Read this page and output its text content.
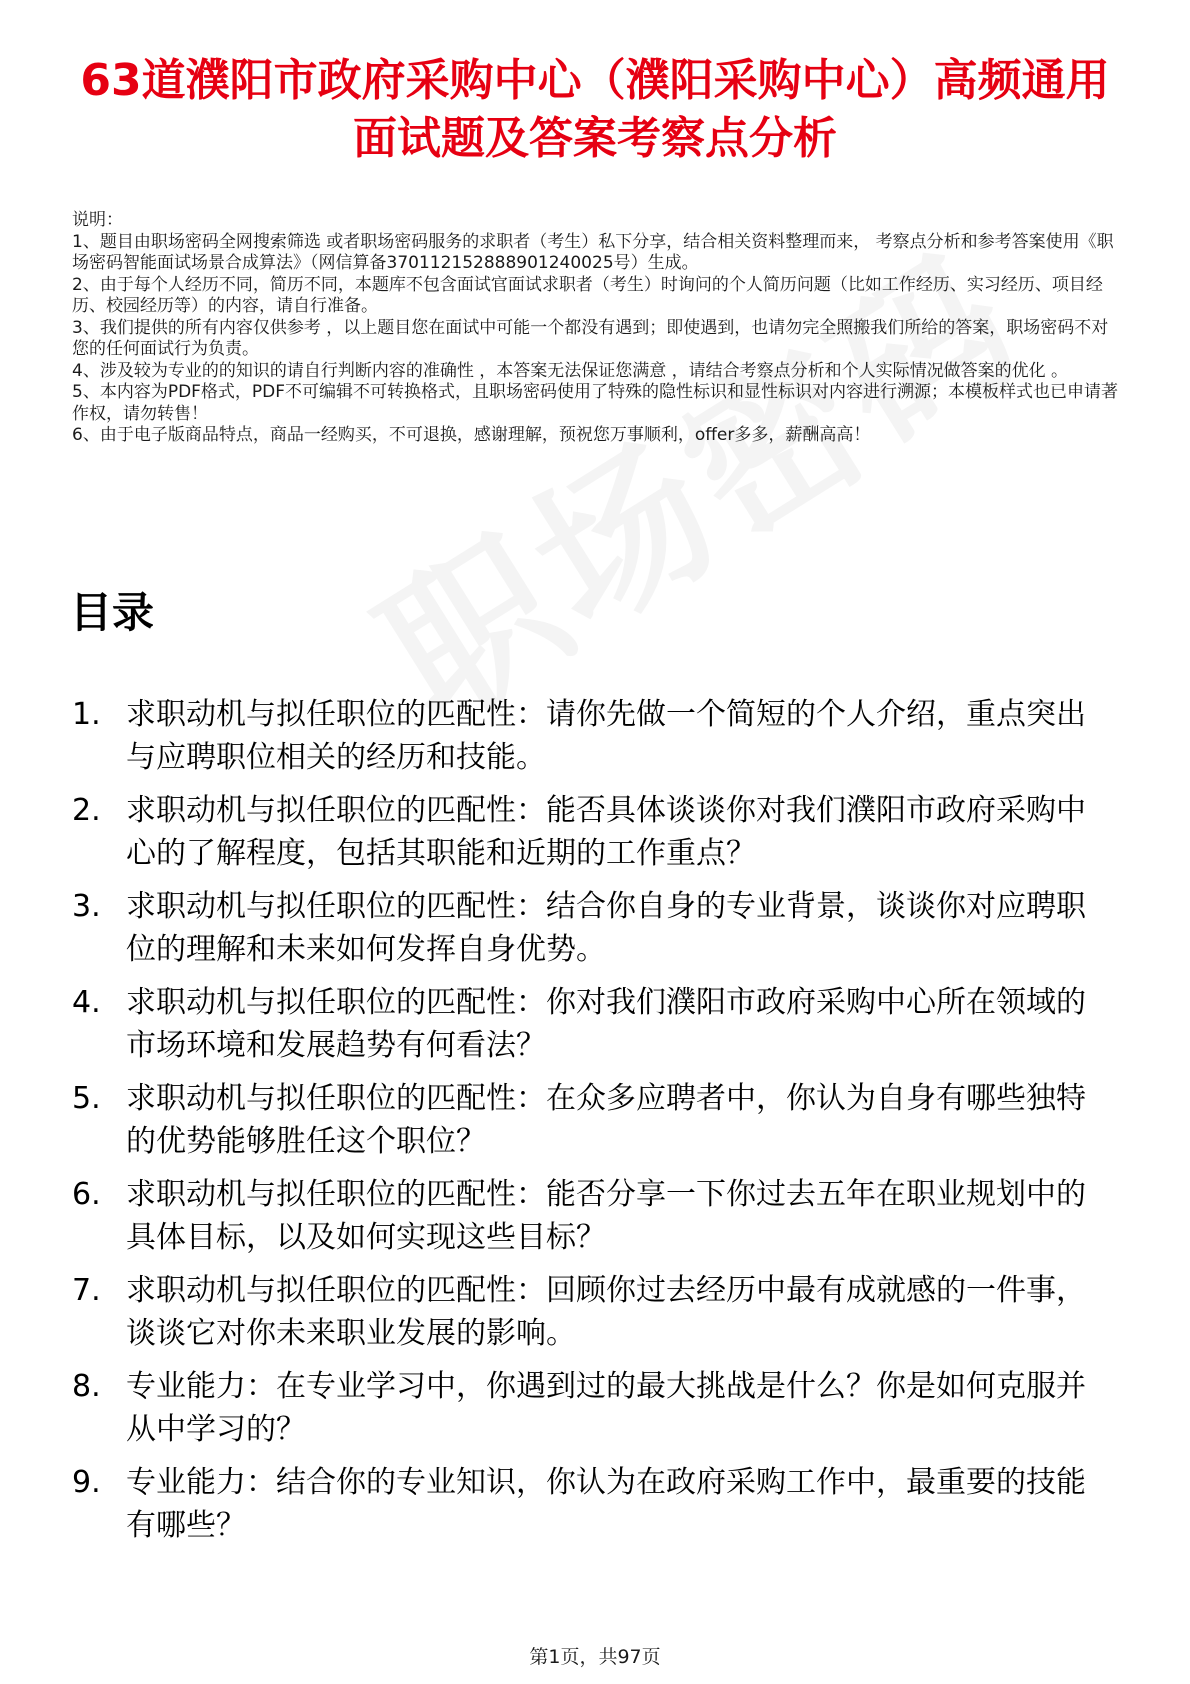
63道濮阳市政府采购中心（濮阳采购中心）高频通用面试题及答案考察点分析

说明：

1、题目由职场密码全网搜索筛选 或者职场密码服务的求职者（考生）私下分享，结合相关资料整理而来， 考察点分析和参考答案使用《职场密码智能面试场景合成算法》（网信算备370112152888901240025号）生成。

2、由于每个人经历不同，简历不同，本题库不包含面试官面试求职者（考生）时询问的个人简历问题（比如工作经历、实习经历、项目经历、校园经历等）的内容，请自行准备。

3、我们提供的所有内容仅供参考 ，以上题目您在面试中可能一个都没有遇到；即使遇到，也请勿完全照搬我们所给的答案，职场密码不对您的任何面试行为负责。

4、涉及较为专业的的知识的请自行判断内容的准确性 ，本答案无法保证您满意 ，请结合考察点分析和个人实际情况做答案的优化 。

5、本内容为PDF格式，PDF不可编辑不可转换格式，且职场密码使用了特殊的隐性标识和显性标识对内容进行溯源；本模板样式也已申请著作权，请勿转售！

6、由于电子版商品特点，商品一经购买，不可退换，感谢理解，预祝您万事顺利，offer多多，薪酬高高！

目录
1. 求职动机与拟任职位的匹配性：请你先做一个简短的个人介绍，重点突出与应聘职位相关的经历和技能。
2. 求职动机与拟任职位的匹配性：能否具体谈谈你对我们濮阳市政府采购中心的了解程度，包括其职能和近期的工作重点？
3. 求职动机与拟任职位的匹配性：结合你自身的专业背景，谈谈你对应聘职位的理解和未来如何发挥自身优势。
4. 求职动机与拟任职位的匹配性：你对我们濮阳市政府采购中心所在领域的市场环境和发展趋势有何看法？
5. 求职动机与拟任职位的匹配性：在众多应聘者中，你认为自身有哪些独特的优势能够胜任这个职位？
6. 求职动机与拟任职位的匹配性：能否分享一下你过去五年在职业规划中的具体目标，以及如何实现这些目标？
7. 求职动机与拟任职位的匹配性：回顾你过去经历中最有成就感的一件事，谈谈它对你未来职业发展的影响。
8. 专业能力：在专业学习中，你遇到过的最大挑战是什么？你是如何克服并从中学习的？
9. 专业能力：结合你的专业知识，你认为在政府采购工作中，最重要的技能有哪些？
第1页，共97页
